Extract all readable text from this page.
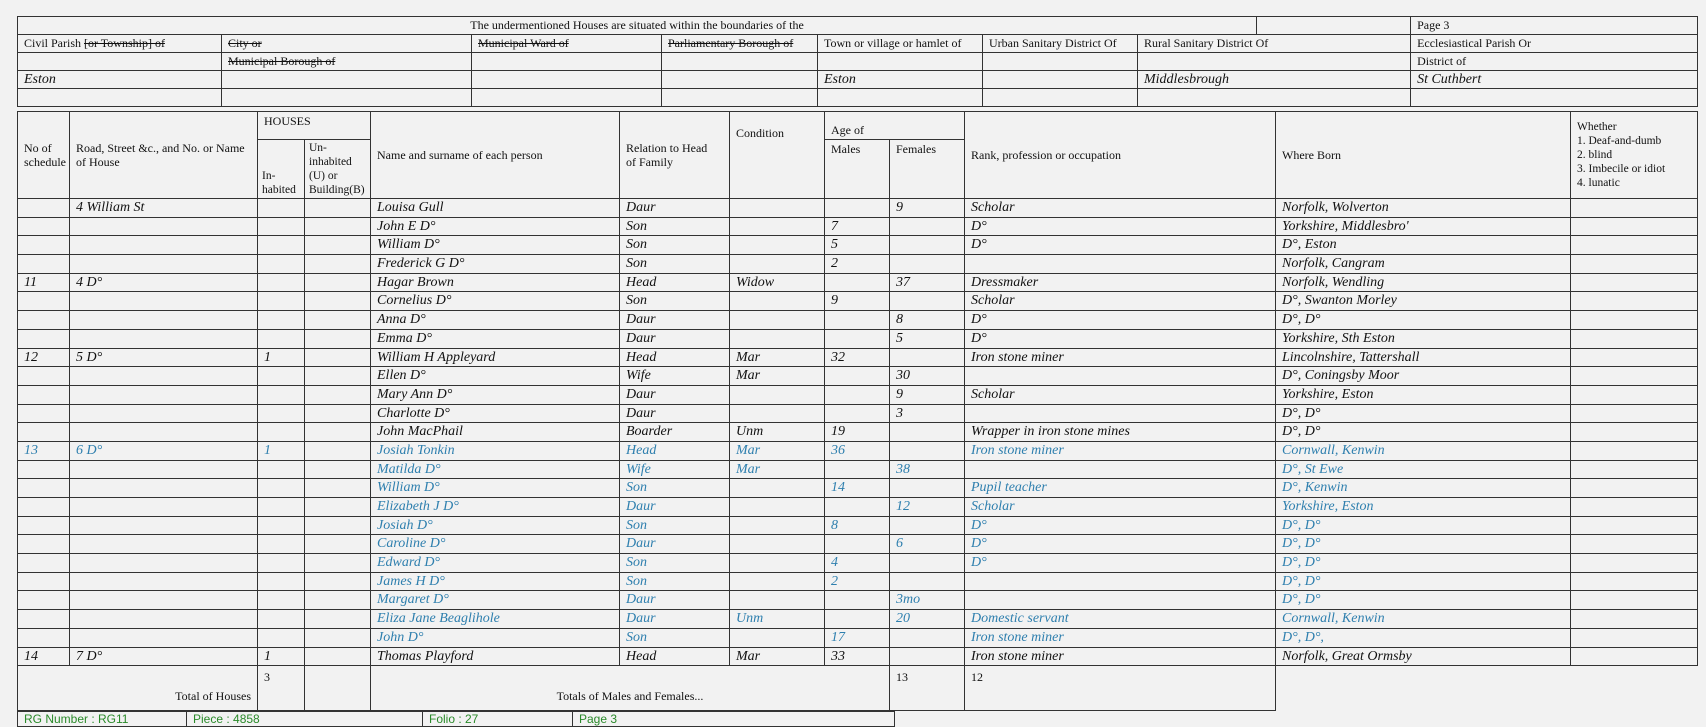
The undermentioned Houses are situated within the boundaries of the								Page 3
Civil Parish [or Township] of	City or	Municipal Ward of	Parliamentary Borough of	Town or village or hamlet of	Urban Sanitary District Of	Rural Sanitary District Of		Ecclesiastical Parish Or
	Municipal Borough of							District of
Eston				Eston		Middlesbrough		St Cuthbert

No of schedule	Road, Street &c., and No. or Name of House	HOUSES		Name and surname of each person	Relation to Head of Family	Condition	Age of		Rank, profession or occupation	Where Born	Whether
1. Deaf-and-dumb
2. blind
3. Imbecile or idiot
4. lunatic

		In-habited	Un-inhabited (U) or Building(B)				Males	Females			
	4 William St			Louisa Gull	Daur			9	Scholar	Norfolk, Wolverton	
				John E D°	Son		7		D°	Yorkshire, Middlesbro'	
				William D°	Son		5		D°	D°, Eston	
				Frederick G D°	Son		2			Norfolk, Cangram	
11	4 D°			Hagar Brown	Head	Widow		37	Dressmaker	Norfolk, Wendling	
				Cornelius D°	Son		9		Scholar	D°, Swanton Morley	
				Anna D°	Daur			8	D°	D°, D°	
				Emma D°	Daur			5	D°	Yorkshire, Sth Eston	
12	5 D°	1		William H Appleyard	Head	Mar	32		Iron stone miner	Lincolnshire, Tattershall	
				Ellen D°	Wife	Mar		30		D°, Coningsby Moor	
				Mary Ann D°	Daur			9	Scholar	Yorkshire, Eston	
				Charlotte D°	Daur			3		D°, D°	
				John MacPhail	Boarder	Unm	19		Wrapper in iron stone mines	D°, D°	
13	6 D°	1		Josiah Tonkin	Head	Mar	36		Iron stone miner	Cornwall, Kenwin	
				Matilda D°	Wife	Mar		38		D°, St Ewe	
				William D°	Son		14		Pupil teacher	D°, Kenwin	
				Elizabeth J D°	Daur			12	Scholar	Yorkshire, Eston	
				Josiah D°	Son		8		D°	D°, D°	
				Caroline D°	Daur			6	D°	D°, D°	
				Edward D°	Son		4		D°	D°, D°	
				James H D°	Son		2			D°, D°	
				Margaret D°	Daur			3mo		D°, D°	
				Eliza Jane Beaglihole	Daur	Unm		20	Domestic servant	Cornwall, Kenwin	
				John D°	Son		17		Iron stone miner	D°, D°,	
14	7 D°	1		Thomas Playford	Head	Mar	33		Iron stone miner	Norfolk, Great Ormsby	
Total of Houses		3		Totals of Males and Females...				13	12		
RG Number : RG11	Piece : 4858	Folio : 27	Page 3
